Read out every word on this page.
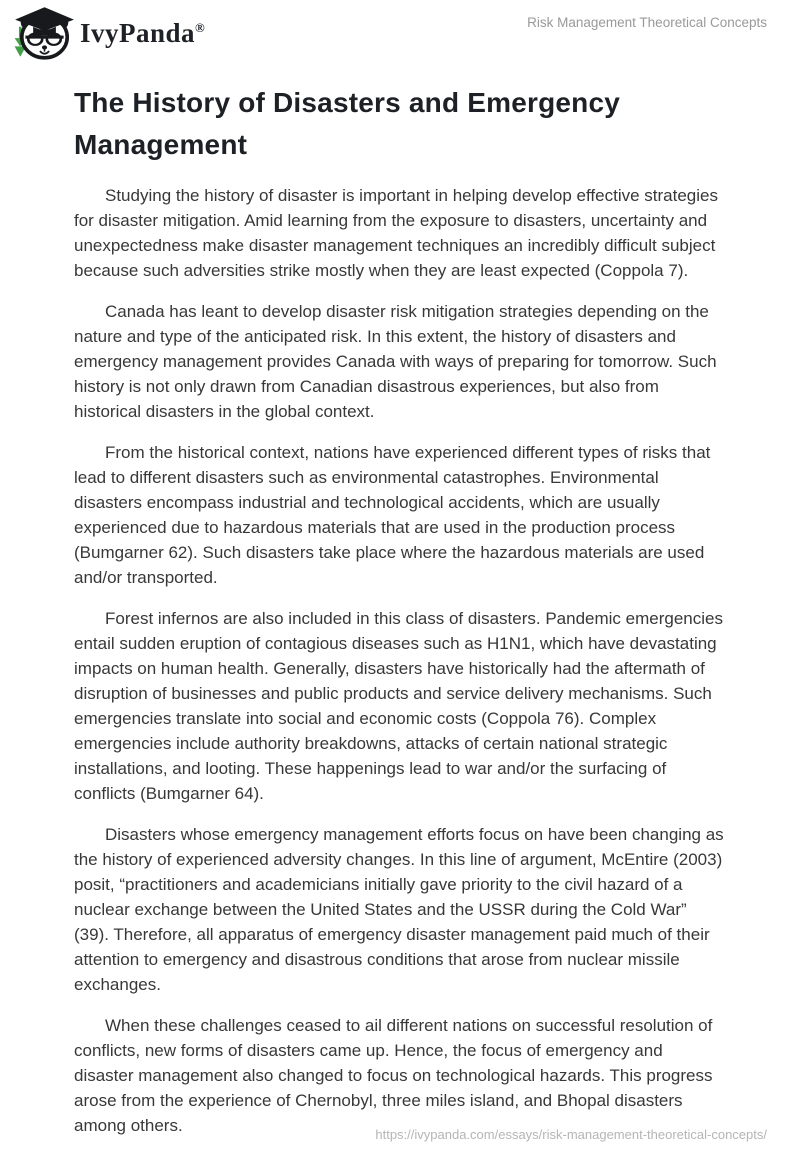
IvyPanda®	Risk Management Theoretical Concepts
The History of Disasters and Emergency Management

Studying the history of disaster is important in helping develop effective strategies for disaster mitigation. Amid learning from the exposure to disasters, uncertainty and unexpectedness make disaster management techniques an incredibly difficult subject because such adversities strike mostly when they are least expected (Coppola 7).

Canada has leant to develop disaster risk mitigation strategies depending on the nature and type of the anticipated risk. In this extent, the history of disasters and emergency management provides Canada with ways of preparing for tomorrow. Such history is not only drawn from Canadian disastrous experiences, but also from historical disasters in the global context.

From the historical context, nations have experienced different types of risks that lead to different disasters such as environmental catastrophes. Environmental disasters encompass industrial and technological accidents, which are usually experienced due to hazardous materials that are used in the production process (Bumgarner 62). Such disasters take place where the hazardous materials are used and/or transported.

Forest infernos are also included in this class of disasters. Pandemic emergencies entail sudden eruption of contagious diseases such as H1N1, which have devastating impacts on human health. Generally, disasters have historically had the aftermath of disruption of businesses and public products and service delivery mechanisms. Such emergencies translate into social and economic costs (Coppola 76). Complex emergencies include authority breakdowns, attacks of certain national strategic installations, and looting. These happenings lead to war and/or the surfacing of conflicts (Bumgarner 64).

Disasters whose emergency management efforts focus on have been changing as the history of experienced adversity changes. In this line of argument, McEntire (2003) posit, “practitioners and academicians initially gave priority to the civil hazard of a nuclear exchange between the United States and the USSR during the Cold War” (39). Therefore, all apparatus of emergency disaster management paid much of their attention to emergency and disastrous conditions that arose from nuclear missile exchanges.

When these challenges ceased to ail different nations on successful resolution of conflicts, new forms of disasters came up. Hence, the focus of emergency and disaster management also changed to focus on technological hazards. This progress arose from the experience of Chernobyl, three miles island, and Bhopal disasters among others.	https://ivypanda.com/essays/risk-management-theoretical-concepts/
